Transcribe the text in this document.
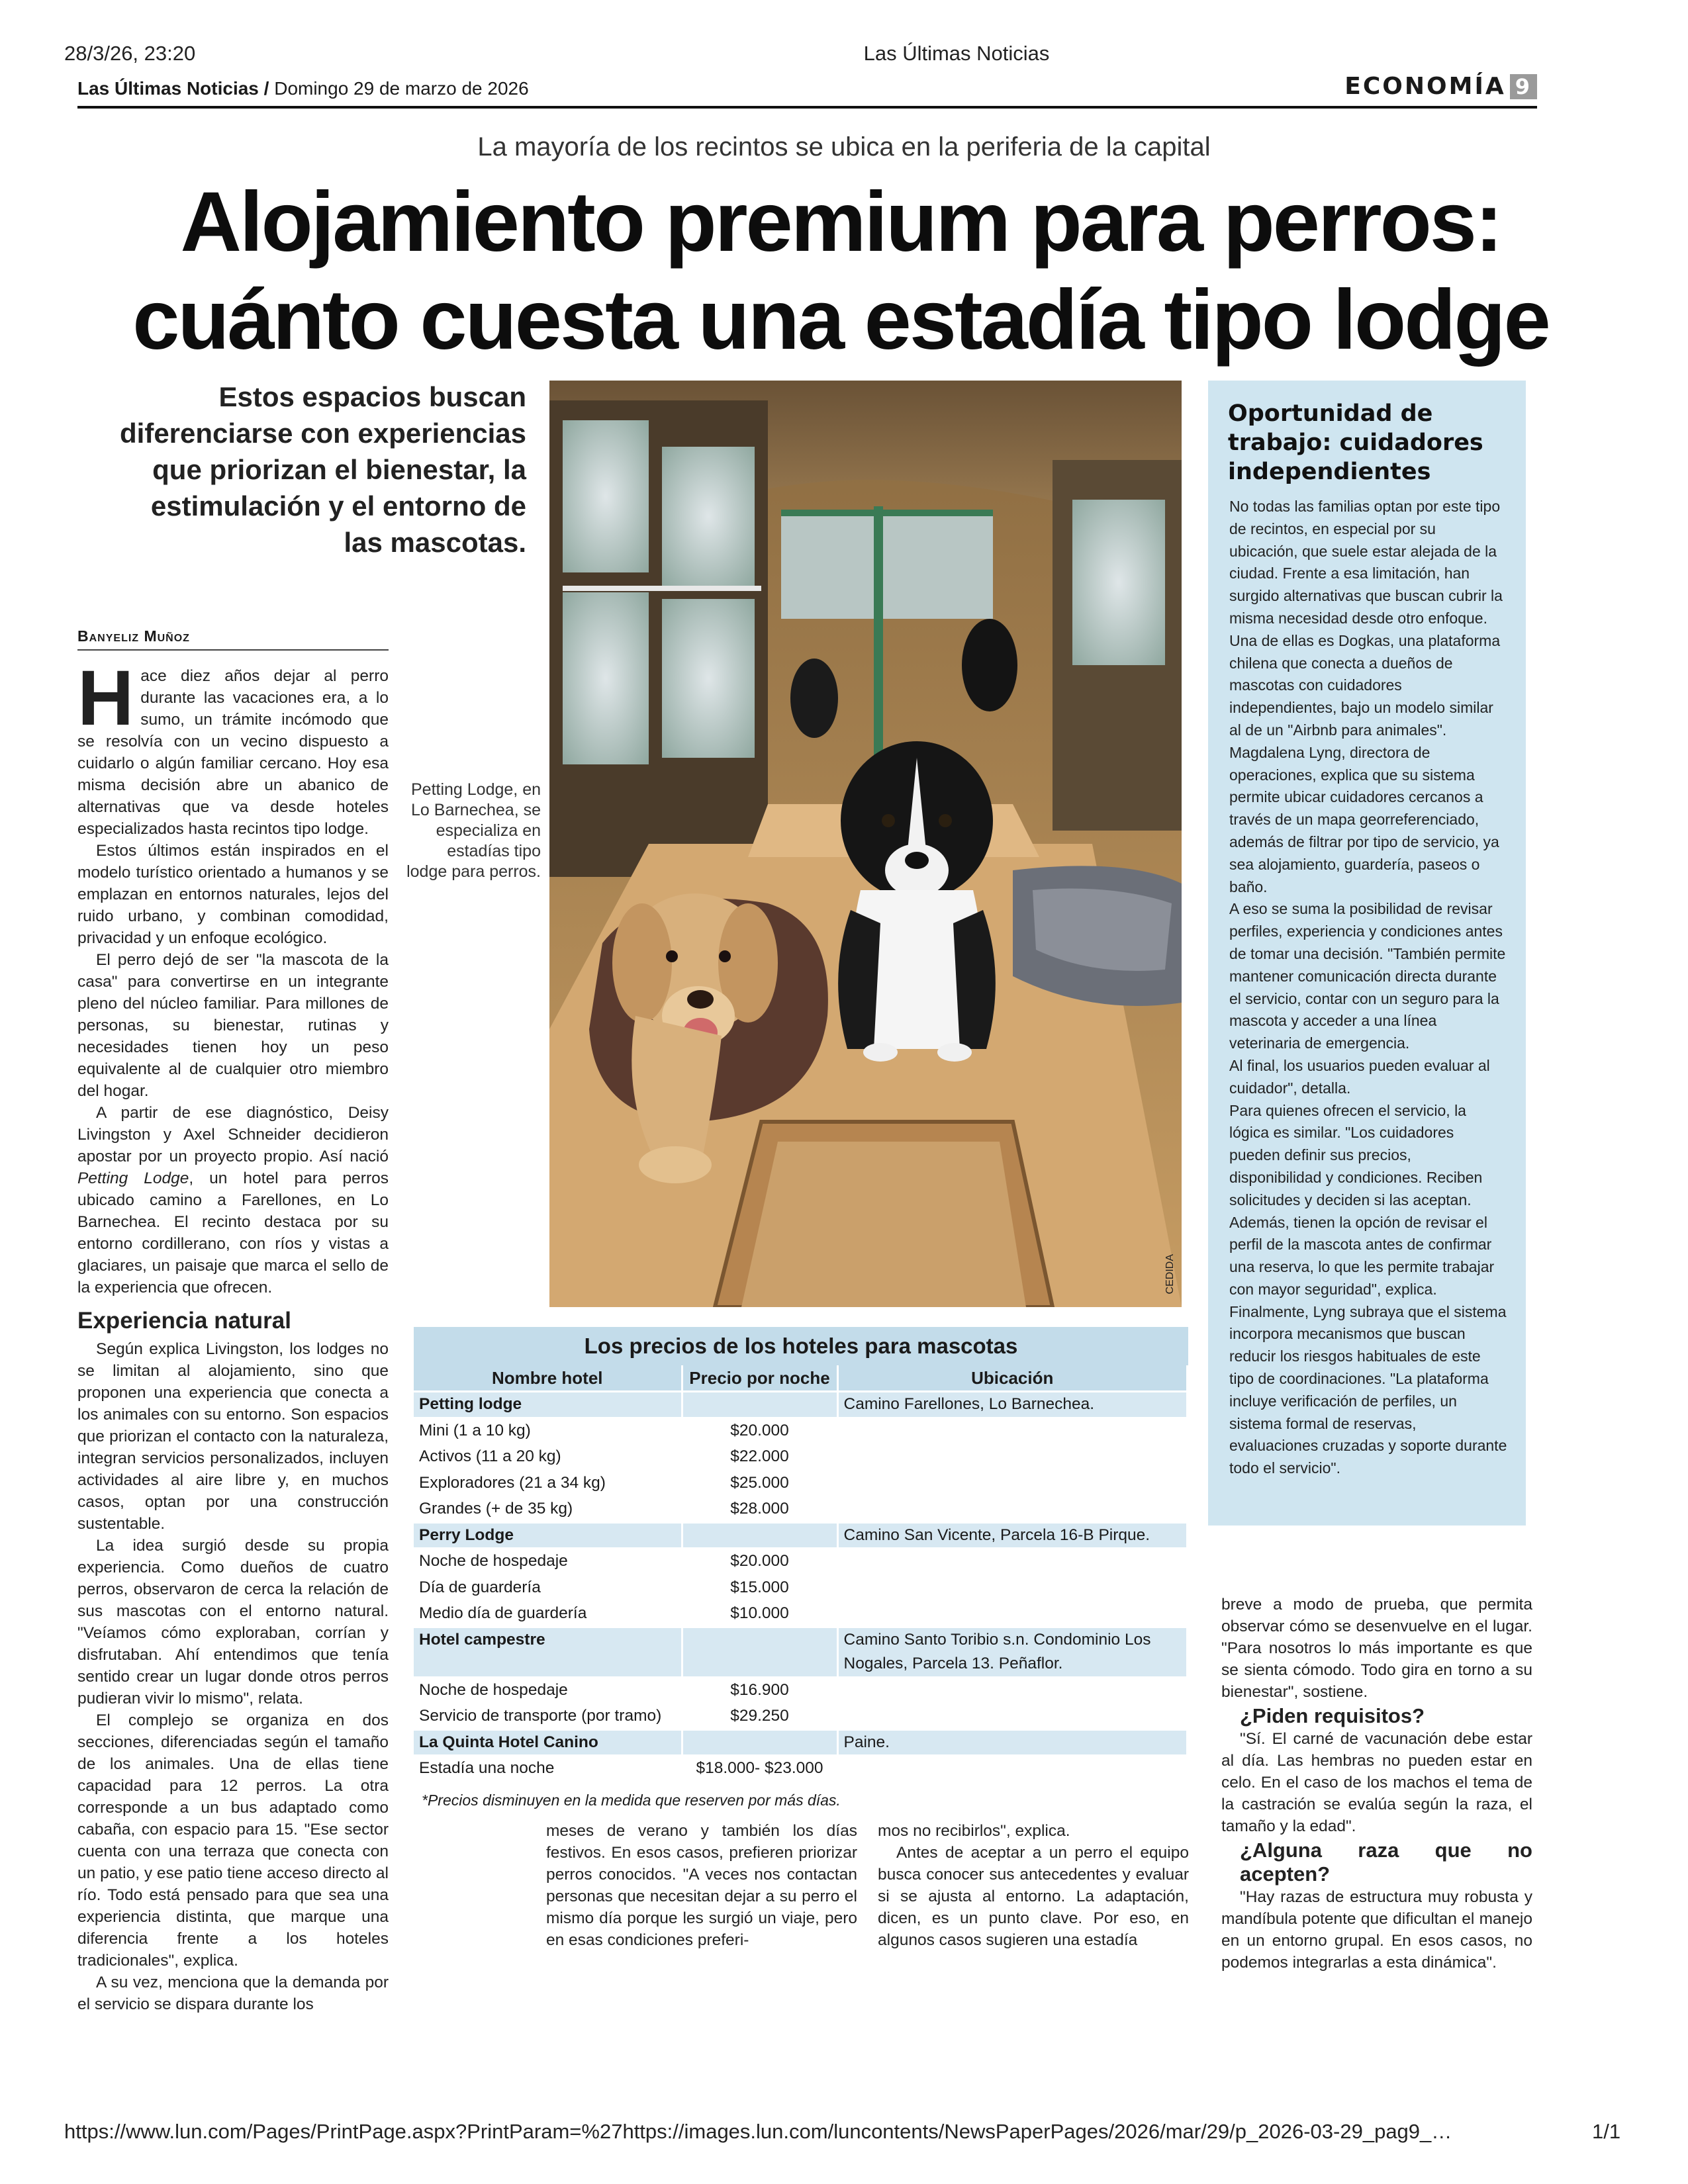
28/3/26, 23:20	Las Últimas Noticias
Las Últimas Noticias / Domingo 29 de marzo de 2026	ECONOMÍA 9
La mayoría de los recintos se ubica en la periferia de la capital
Alojamiento premium para perros:
cuánto cuesta una estadía tipo lodge
Estos espacios buscan diferenciarse con experiencias que priorizan el bienestar, la estimulación y el entorno de las mascotas.
Banyeliz Muñoz

Hace diez años dejar al perro durante las vacaciones era, a lo sumo, un trámite incómodo que se resolvía con un vecino dispuesto a cuidarlo o algún familiar cercano. Hoy esa misma decisión abre un abanico de alternativas que va desde hoteles especializados hasta recintos tipo lodge.

Estos últimos están inspirados en el modelo turístico orientado a humanos y se emplazan en entornos naturales, lejos del ruido urbano, y combinan comodidad, privacidad y un enfoque ecológico.

El perro dejó de ser "la mascota de la casa" para convertirse en un integrante pleno del núcleo familiar. Para millones de personas, su bienestar, rutinas y necesidades tienen hoy un peso equivalente al de cualquier otro miembro del hogar.

A partir de ese diagnóstico, Deisy Livingston y Axel Schneider decidieron apostar por un proyecto propio. Así nació Petting Lodge, un hotel para perros ubicado camino a Farellones, en Lo Barnechea. El recinto destaca por su entorno cordillerano, con ríos y vistas a glaciares, un paisaje que marca el sello de la experiencia que ofrecen.

Experiencia natural

Según explica Livingston, los lodges no se limitan al alojamiento, sino que proponen una experiencia que conecta a los animales con su entorno. Son espacios que priorizan el contacto con la naturaleza, integran servicios personalizados, incluyen actividades al aire libre y, en muchos casos, optan por una construcción sustentable.

La idea surgió desde su propia experiencia. Como dueños de cuatro perros, observaron de cerca la relación de sus mascotas con el entorno natural. "Veíamos cómo exploraban, corrían y disfrutaban. Ahí entendimos que tenía sentido crear un lugar donde otros perros pudieran vivir lo mismo", relata.

El complejo se organiza en dos secciones, diferenciadas según el tamaño de los animales. Una de ellas tiene capacidad para 12 perros. La otra corresponde a un bus adaptado como cabaña, con espacio para 15. "Ese sector cuenta con una terraza que conecta con un patio, y ese patio tiene acceso directo al río. Todo está pensado para que sea una experiencia distinta, que marque una diferencia frente a los hoteles tradicionales", explica.

A su vez, menciona que la demanda por el servicio se dispara durante los

Petting Lodge, en Lo Barnechea, se especializa en estadías tipo lodge para perros.
CEDIDA
Oportunidad de trabajo: cuidadores independientes

No todas las familias optan por este tipo de recintos, en especial por su ubicación, que suele estar alejada de la ciudad. Frente a esa limitación, han surgido alternativas que buscan cubrir la misma necesidad desde otro enfoque. Una de ellas es Dogkas, una plataforma chilena que conecta a dueños de mascotas con cuidadores independientes, bajo un modelo similar al de un "Airbnb para animales".

Magdalena Lyng, directora de operaciones, explica que su sistema permite ubicar cuidadores cercanos a través de un mapa georreferenciado, además de filtrar por tipo de servicio, ya sea alojamiento, guardería, paseos o baño.

A eso se suma la posibilidad de revisar perfiles, experiencia y condiciones antes de tomar una decisión. "También permite mantener comunicación directa durante el servicio, contar con un seguro para la mascota y acceder a una línea veterinaria de emergencia.

Al final, los usuarios pueden evaluar al cuidador", detalla.

Para quienes ofrecen el servicio, la lógica es similar. "Los cuidadores pueden definir sus precios, disponibilidad y condiciones. Reciben solicitudes y deciden si las aceptan. Además, tienen la opción de revisar el perfil de la mascota antes de confirmar una reserva, lo que les permite trabajar con mayor seguridad", explica.

Finalmente, Lyng subraya que el sistema incorpora mecanismos que buscan reducir los riesgos habituales de este tipo de coordinaciones. "La plataforma incluye verificación de perfiles, un sistema formal de reservas, evaluaciones cruzadas y soporte durante todo el servicio".

Los precios de los hoteles para mascotas
Nombre hotel	Precio por noche	Ubicación
Petting lodge		Camino Farellones, Lo Barnechea.
Mini (1 a 10 kg)	$20.000	
Activos (11 a 20 kg)	$22.000	
Exploradores (21 a 34 kg)	$25.000	
Grandes (+ de 35 kg)	$28.000	
Perry Lodge		Camino San Vicente, Parcela 16-B Pirque.
Noche de hospedaje	$20.000	
Día de guardería	$15.000	
Medio día de guardería	$10.000	
Hotel campestre		Camino Santo Toribio s.n. Condominio Los Nogales, Parcela 13. Peñaflor.
Noche de hospedaje	$16.900	
Servicio de transporte (por tramo)	$29.250	
La Quinta Hotel Canino		Paine.
Estadía una noche	$18.000- $23.000	
*Precios disminuyen en la medida que reserven por más días.

meses de verano y también los días festivos. En esos casos, prefieren priorizar perros conocidos. "A veces nos contactan personas que necesitan dejar a su perro el mismo día porque les surgió un viaje, pero en esas condiciones preferi-

mos no recibirlos", explica.

Antes de aceptar a un perro el equipo busca conocer sus antecedentes y evaluar si se ajusta al entorno. La adaptación, dicen, es un punto clave. Por eso, en algunos casos sugieren una estadía

breve a modo de prueba, que permita observar cómo se desenvuelve en el lugar. "Para nosotros lo más importante es que se sienta cómodo. Todo gira en torno a su bienestar", sostiene.

¿Piden requisitos?

"Sí. El carné de vacunación debe estar al día. Las hembras no pueden estar en celo. En el caso de los machos el tema de la castración se evalúa según la raza, el tamaño y la edad".

¿Alguna raza que no acepten?

"Hay razas de estructura muy robusta y mandíbula potente que dificultan el manejo en un entorno grupal. En esos casos, no podemos integrarlas a esta dinámica".

https://www.lun.com/Pages/PrintPage.aspx?PrintParam=%27https://images.lun.com/luncontents/NewsPaperPages/2026/mar/29/p_2026-03-29_pag9_…	1/1
